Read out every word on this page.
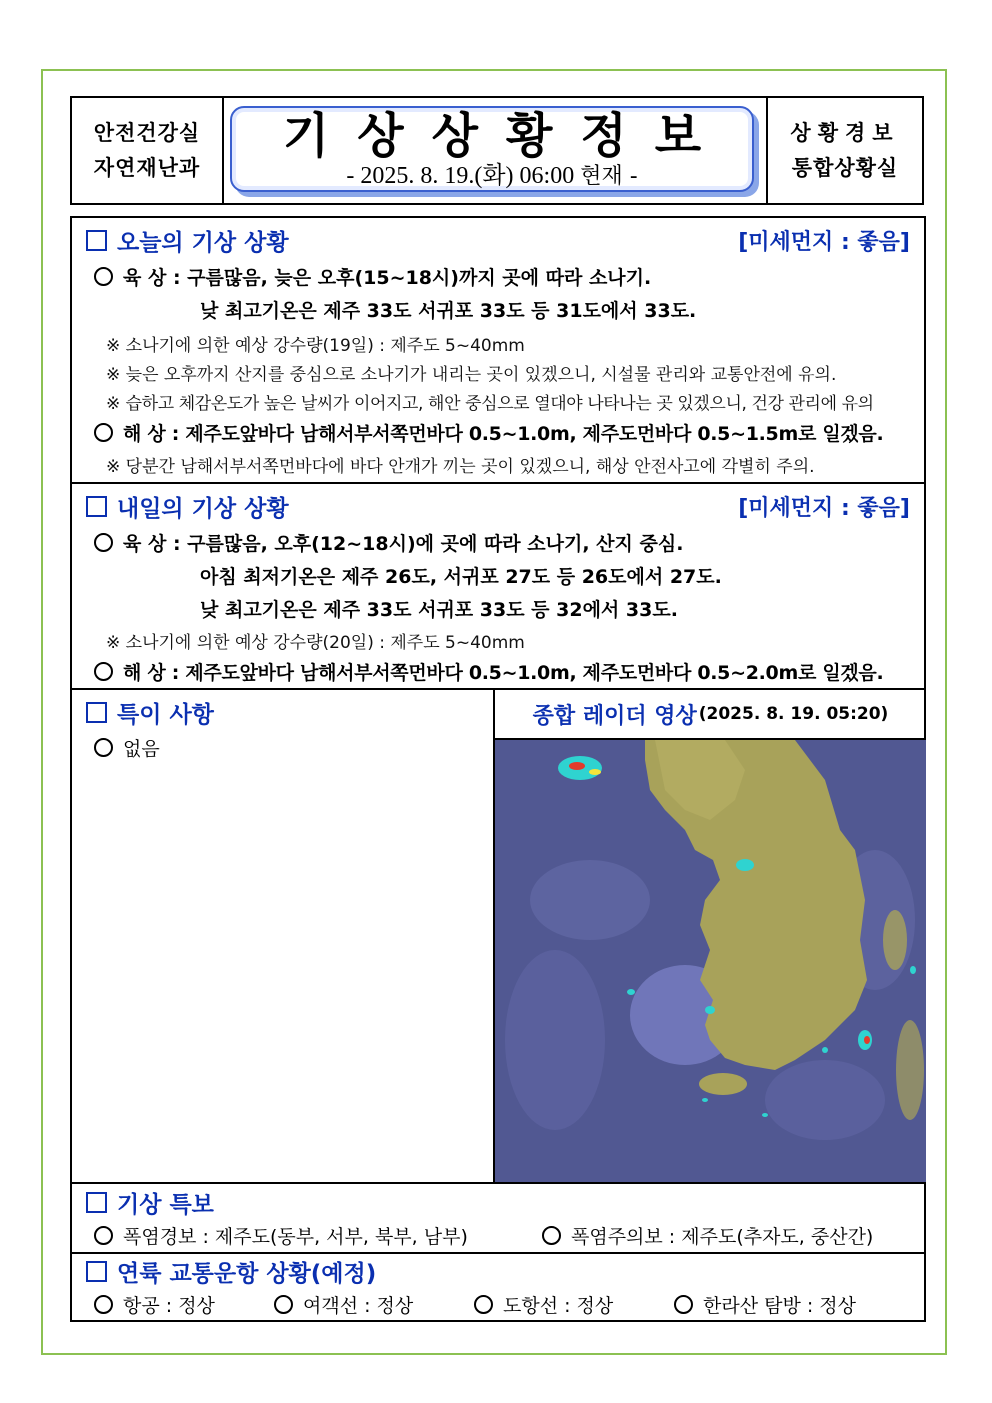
안전건강실
자연재난과
기상상황정보
- 2025. 8. 19.(화) 06:00 현재 -
상황경보
통합상황실
오늘의 기상 상황	[미세먼지 : 좋음]
육 상 : 구름많음, 늦은 오후(15~18시)까지 곳에 따라 소나기.
낮 최고기온은 제주 33도 서귀포 33도 등 31도에서 33도.
※ 소나기에 의한 예상 강수량(19일) : 제주도 5~40mm
※ 늦은 오후까지 산지를 중심으로 소나기가 내리는 곳이 있겠으니, 시설물 관리와 교통안전에 유의.
※ 습하고 체감온도가 높은 날씨가 이어지고, 해안 중심으로 열대야 나타나는 곳 있겠으니, 건강 관리에 유의
해 상 : 제주도앞바다 남해서부서쪽먼바다 0.5~1.0m, 제주도먼바다 0.5~1.5m로 일겠음.
※ 당분간 남해서부서쪽먼바다에 바다 안개가 끼는 곳이 있겠으니, 해상 안전사고에 각별히 주의.
내일의 기상 상황	[미세먼지 : 좋음]
육 상 : 구름많음, 오후(12~18시)에 곳에 따라 소나기, 산지 중심.
아침 최저기온은 제주 26도, 서귀포 27도 등 26도에서 27도.
낮 최고기온은 제주 33도 서귀포 33도 등 32에서 33도.
※ 소나기에 의한 예상 강수량(20일) : 제주도 5~40mm
해 상 : 제주도앞바다 남해서부서쪽먼바다 0.5~1.0m, 제주도먼바다 0.5~2.0m로 일겠음.
특이 사항
없음
종합 레이더 영상 (2025. 8. 19. 05:20)
기상 특보
폭염경보 : 제주도(동부, 서부, 북부, 남부)	폭염주의보 : 제주도(추자도, 중산간)
연륙 교통운항 상황(예정)
항공 : 정상	여객선 : 정상	도항선 : 정상	한라산 탐방 : 정상
